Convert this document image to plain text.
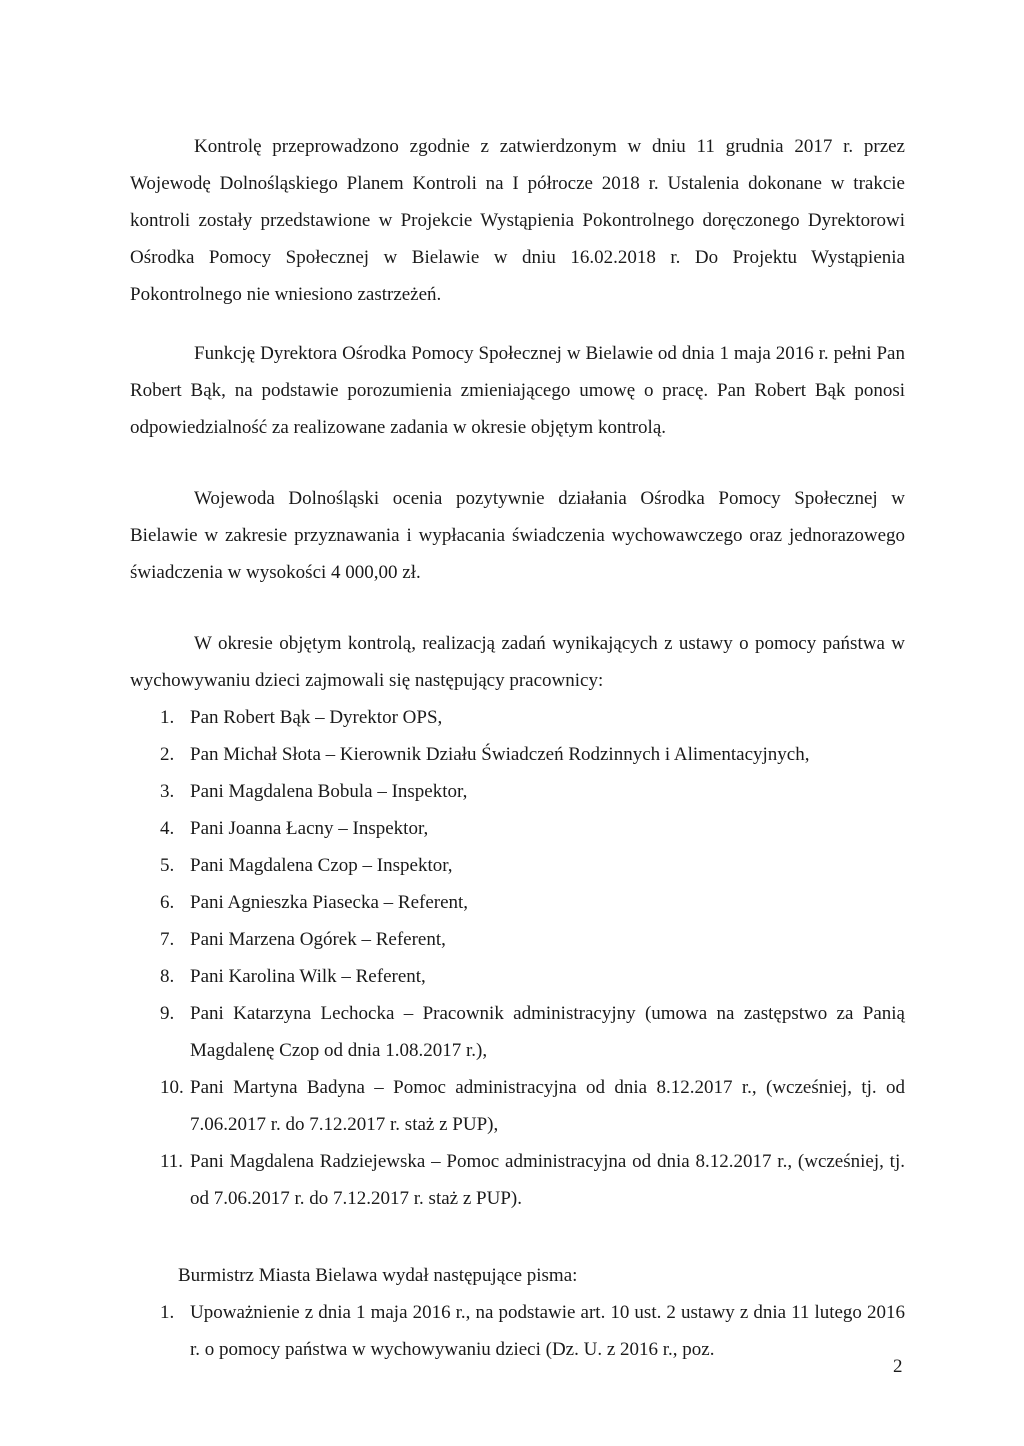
Kontrolę przeprowadzono zgodnie z zatwierdzonym w dniu 11 grudnia 2017 r. przez Wojewodę Dolnośląskiego Planem Kontroli na I półrocze 2018 r. Ustalenia dokonane w trakcie kontroli zostały przedstawione w Projekcie Wystąpienia Pokontrolnego doręczonego Dyrektorowi Ośrodka Pomocy Społecznej w Bielawie w dniu 16.02.2018 r. Do Projektu Wystąpienia Pokontrolnego nie wniesiono zastrzeżeń.

Funkcję Dyrektora Ośrodka Pomocy Społecznej w Bielawie od dnia 1 maja 2016 r. pełni Pan Robert Bąk, na podstawie porozumienia zmieniającego umowę o pracę. Pan Robert Bąk ponosi odpowiedzialność za realizowane zadania w okresie objętym kontrolą.

Wojewoda Dolnośląski ocenia pozytywnie działania Ośrodka Pomocy Społecznej w Bielawie w zakresie przyznawania i wypłacania świadczenia wychowawczego oraz jednorazowego świadczenia w wysokości 4 000,00 zł.

W okresie objętym kontrolą, realizacją zadań wynikających z ustawy o pomocy państwa w wychowywaniu dzieci zajmowali się następujący pracownicy:

1. Pan Robert Bąk – Dyrektor OPS,
2. Pan Michał Słota – Kierownik Działu Świadczeń Rodzinnych i Alimentacyjnych,
3. Pani Magdalena Bobula – Inspektor,
4. Pani Joanna Łacny – Inspektor,
5. Pani Magdalena Czop – Inspektor,
6. Pani Agnieszka Piasecka – Referent,
7. Pani Marzena Ogórek – Referent,
8. Pani Karolina Wilk – Referent,
9. Pani Katarzyna Lechocka – Pracownik administracyjny (umowa na zastępstwo za Panią Magdalenę Czop od dnia 1.08.2017 r.),
10. Pani Martyna Badyna – Pomoc administracyjna od dnia 8.12.2017 r., (wcześniej, tj. od 7.06.2017 r. do 7.12.2017 r. staż z PUP),
11. Pani Magdalena Radziejewska – Pomoc administracyjna od dnia 8.12.2017 r., (wcześniej, tj. od 7.06.2017 r. do 7.12.2017 r. staż z PUP).

Burmistrz Miasta Bielawa wydał następujące pisma:

1. Upoważnienie z dnia 1 maja 2016 r., na podstawie art. 10 ust. 2 ustawy z dnia 11 lutego 2016 r. o pomocy państwa w wychowywaniu dzieci (Dz. U. z 2016 r., poz.
2
